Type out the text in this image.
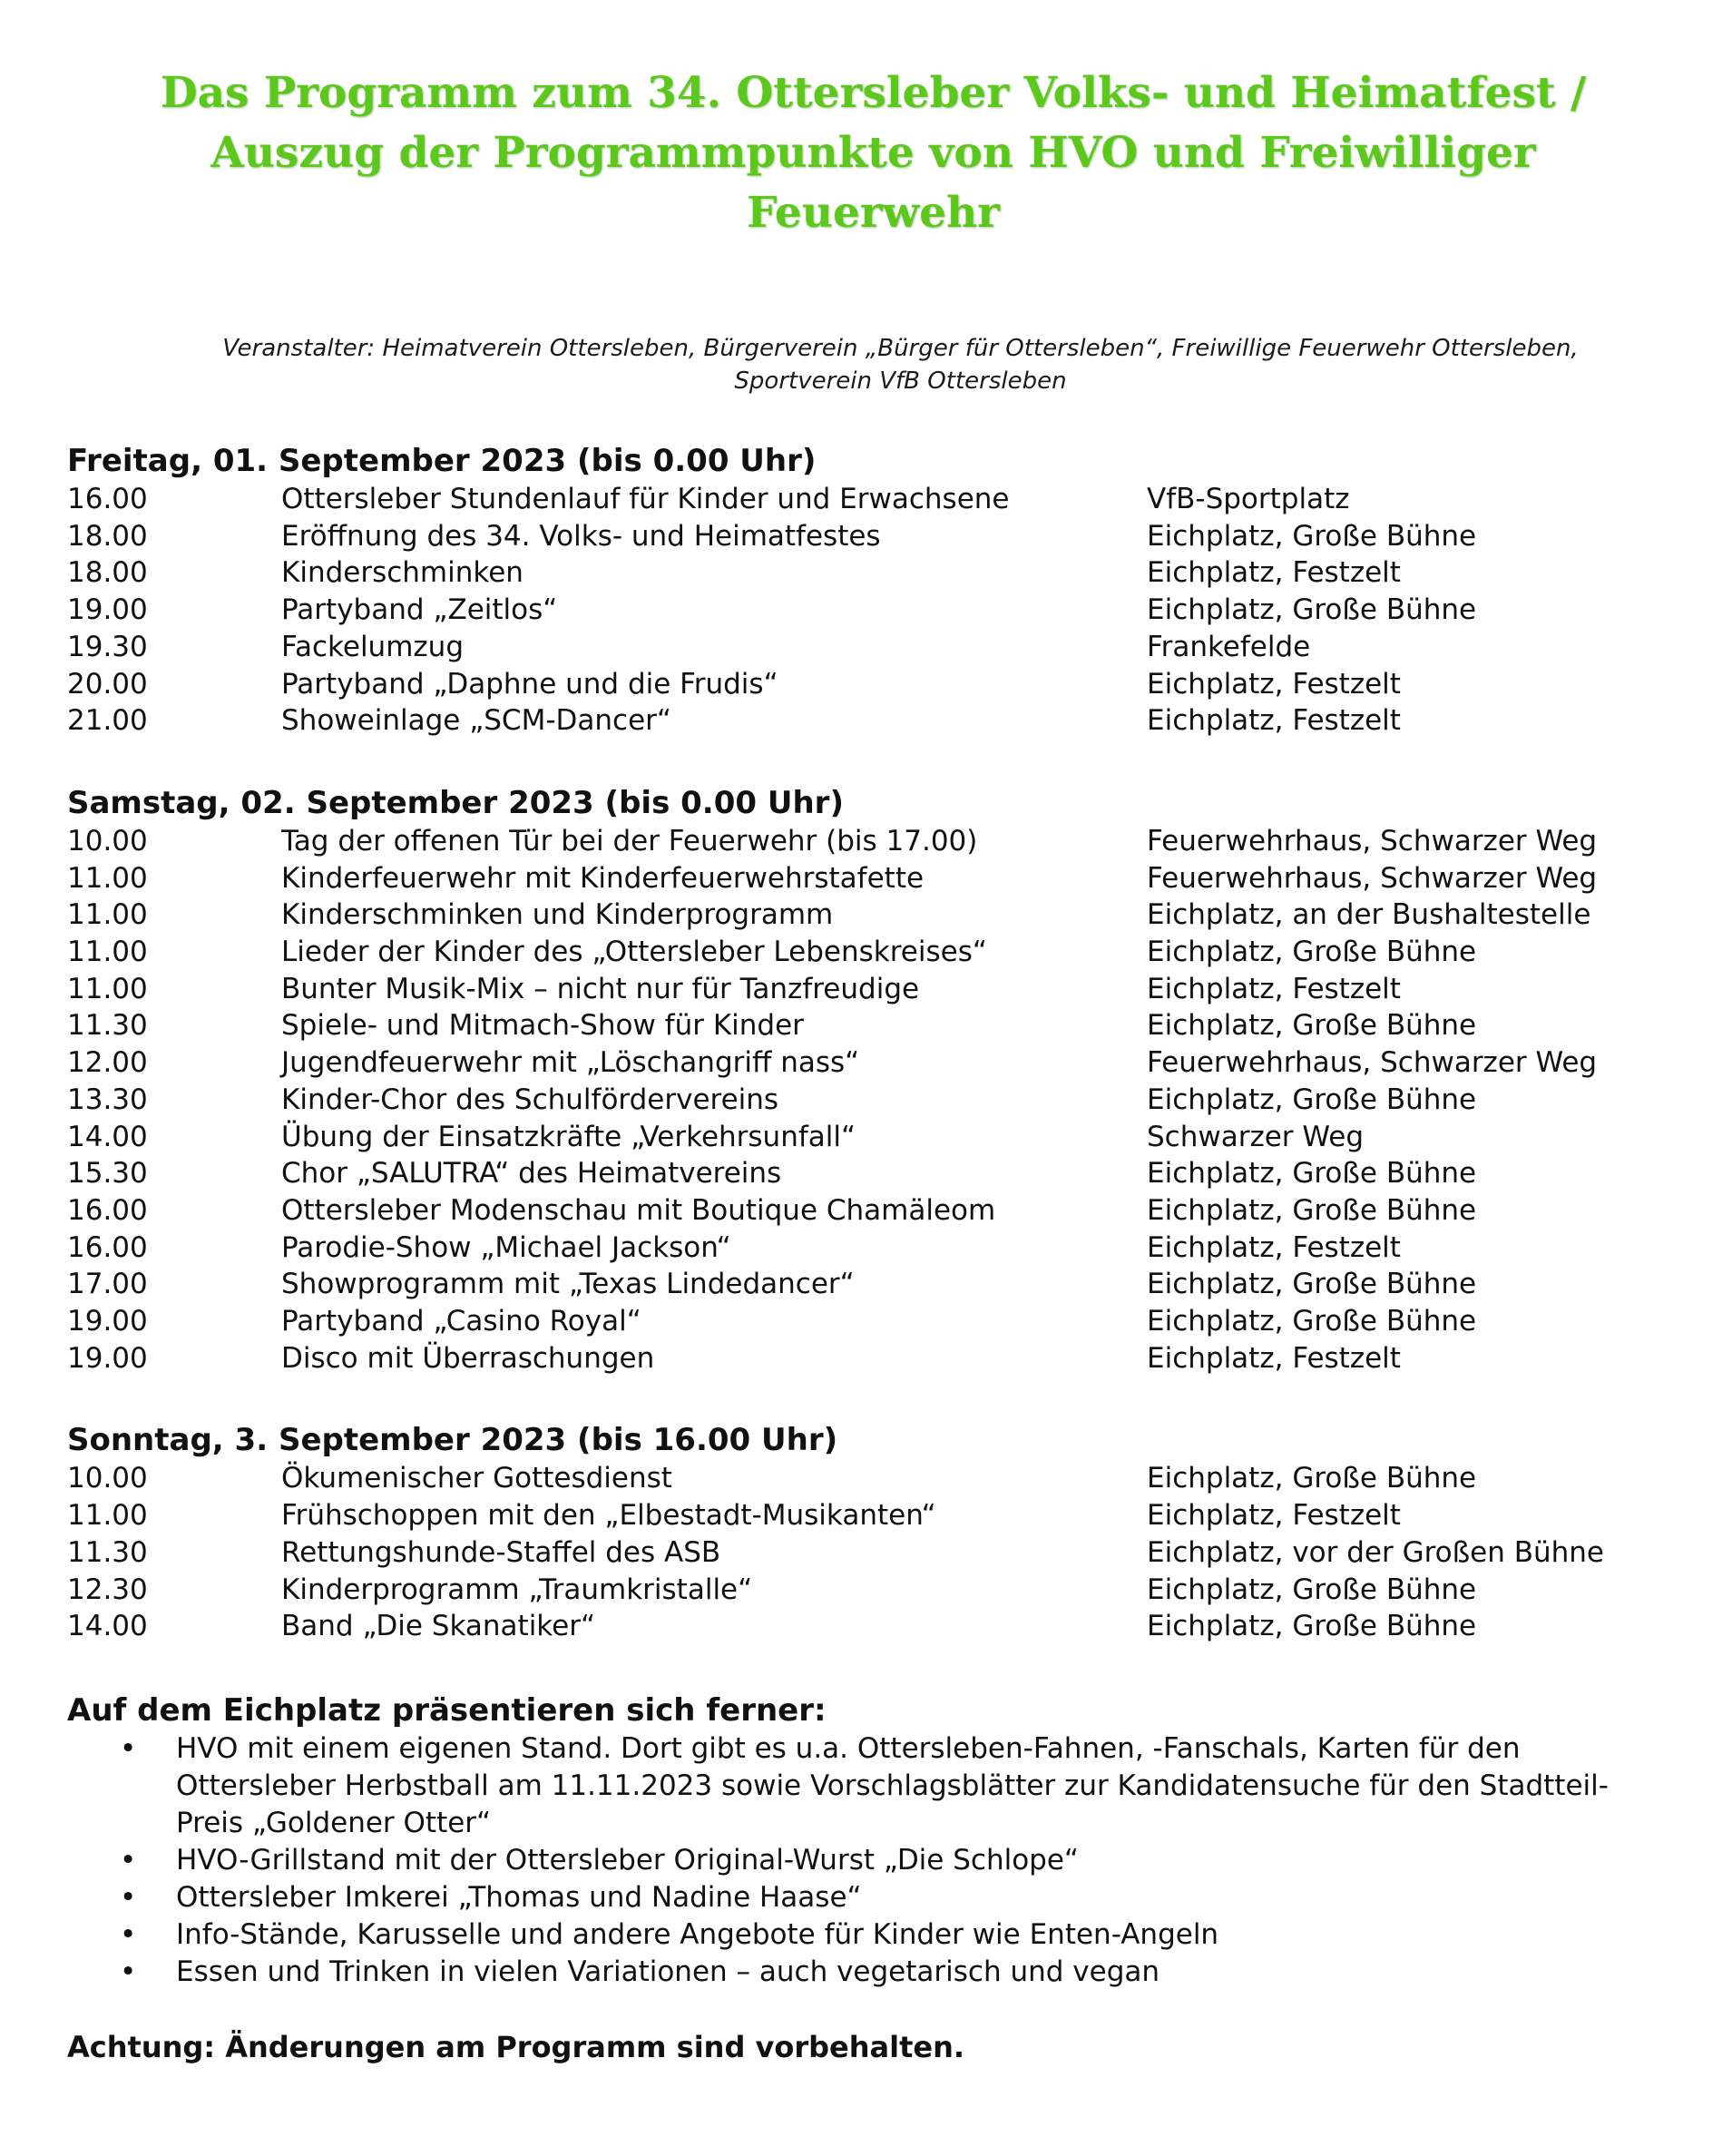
Das Programm zum 34. Ottersleber Volks- und Heimatfest /
Auszug der Programmpunkte von HVO und Freiwilliger
Feuerwehr
Veranstalter: Heimatverein Ottersleben, Bürgerverein „Bürger für Ottersleben“, Freiwillige Feuerwehr Ottersleben,
Sportverein VfB Ottersleben
Freitag, 01. September 2023 (bis 0.00 Uhr)
16.00	Ottersleber Stundenlauf für Kinder und Erwachsene	VfB-Sportplatz
18.00	Eröffnung des 34. Volks- und Heimatfestes	Eichplatz, Große Bühne
18.00	Kinderschminken	Eichplatz, Festzelt
19.00	Partyband „Zeitlos“	Eichplatz, Große Bühne
19.30	Fackelumzug	Frankefelde
20.00	Partyband „Daphne und die Frudis“	Eichplatz, Festzelt
21.00	Showeinlage „SCM-Dancer“	Eichplatz, Festzelt
Samstag, 02. September 2023 (bis 0.00 Uhr)
10.00	Tag der offenen Tür bei der Feuerwehr (bis 17.00)	Feuerwehrhaus, Schwarzer Weg
11.00	Kinderfeuerwehr mit Kinderfeuerwehrstafette	Feuerwehrhaus, Schwarzer Weg
11.00	Kinderschminken und Kinderprogramm	Eichplatz, an der Bushaltestelle
11.00	Lieder der Kinder des „Ottersleber Lebenskreises“	Eichplatz, Große Bühne
11.00	Bunter Musik-Mix – nicht nur für Tanzfreudige	Eichplatz, Festzelt
11.30	Spiele- und Mitmach-Show für Kinder	Eichplatz, Große Bühne
12.00	Jugendfeuerwehr mit „Löschangriff nass“	Feuerwehrhaus, Schwarzer Weg
13.30	Kinder-Chor des Schulfördervereins	Eichplatz, Große Bühne
14.00	Übung der Einsatzkräfte „Verkehrsunfall“	Schwarzer Weg
15.30	Chor „SALUTRA“ des Heimatvereins	Eichplatz, Große Bühne
16.00	Ottersleber Modenschau mit Boutique Chamäleom	Eichplatz, Große Bühne
16.00	Parodie-Show „Michael Jackson“	Eichplatz, Festzelt
17.00	Showprogramm mit „Texas Lindedancer“	Eichplatz, Große Bühne
19.00	Partyband „Casino Royal“	Eichplatz, Große Bühne
19.00	Disco mit Überraschungen	Eichplatz, Festzelt
Sonntag, 3. September 2023 (bis 16.00 Uhr)
10.00	Ökumenischer Gottesdienst	Eichplatz, Große Bühne
11.00	Frühschoppen mit den „Elbestadt-Musikanten“	Eichplatz, Festzelt
11.30	Rettungshunde-Staffel des ASB	Eichplatz, vor der Großen Bühne
12.30	Kinderprogramm „Traumkristalle“	Eichplatz, Große Bühne
14.00	Band „Die Skanatiker“	Eichplatz, Große Bühne
Auf dem Eichplatz präsentieren sich ferner:
• HVO mit einem eigenen Stand. Dort gibt es u.a. Ottersleben-Fahnen, -Fanschals, Karten für den Ottersleber Herbstball am 11.11.2023 sowie Vorschlagsblätter zur Kandidatensuche für den Stadtteil-Preis „Goldener Otter“
• HVO-Grillstand mit der Ottersleber Original-Wurst „Die Schlope“
• Ottersleber Imkerei „Thomas und Nadine Haase“
• Info-Stände, Karusselle und andere Angebote für Kinder wie Enten-Angeln
• Essen und Trinken in vielen Variationen – auch vegetarisch und vegan
Achtung: Änderungen am Programm sind vorbehalten.
